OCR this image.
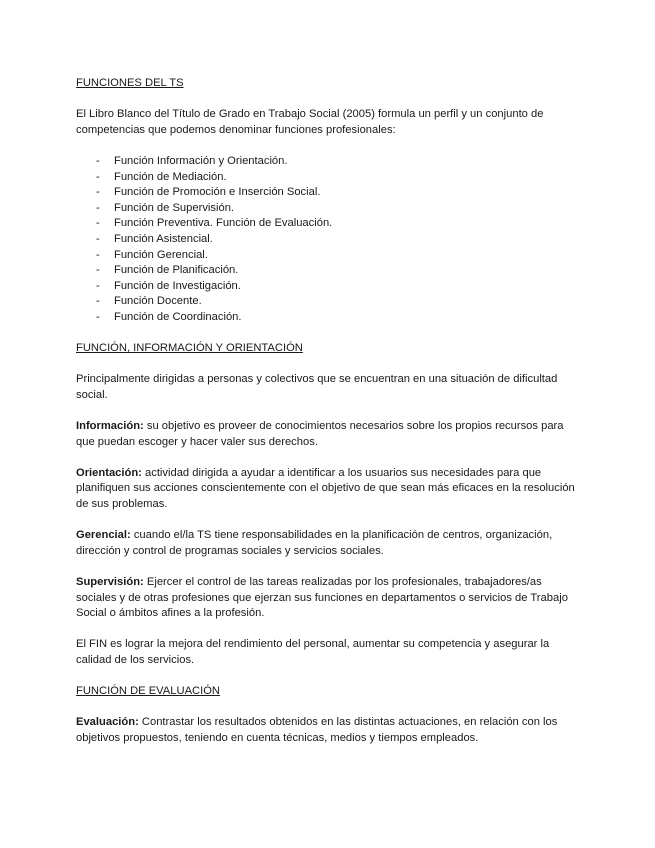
FUNCIONES DEL TS

El Libro Blanco del Título de Grado en Trabajo Social (2005) formula un perfil y un conjunto de competencias que podemos denominar funciones profesionales:

- Función Información y Orientación.
- Función de Mediación.
- Función de Promoción e Inserción Social.
- Función de Supervisión.
- Función Preventiva. Función de Evaluación.
- Función Asistencial.
- Función Gerencial.
- Función de Planificación.
- Función de Investigación.
- Función Docente.
- Función de Coordinación.
FUNCIÓN, INFORMACIÓN Y ORIENTACIÓN

Principalmente dirigidas a personas y colectivos que se encuentran en una situación de dificultad social.

Información: su objetivo es proveer de conocimientos necesarios sobre los propios recursos para que puedan escoger y hacer valer sus derechos.

Orientación: actividad dirigida a ayudar a identificar a los usuarios sus necesidades para que planifiquen sus acciones conscientemente con el objetivo de que sean más eficaces en la resolución de sus problemas.

Gerencial: cuando el/la TS tiene responsabilidades en la planificación de centros, organización, dirección y control de programas sociales y servicios sociales.

Supervisión: Ejercer el control de las tareas realizadas por los profesionales, trabajadores/as sociales y de otras profesiones que ejerzan sus funciones en departamentos o servicios de Trabajo Social o ámbitos afines a la profesión.

El FIN es lograr la mejora del rendimiento del personal, aumentar su competencia y asegurar la calidad de los servicios.

FUNCIÓN DE EVALUACIÓN

Evaluación: Contrastar los resultados obtenidos en las distintas actuaciones, en relación con los objetivos propuestos, teniendo en cuenta técnicas, medios y tiempos empleados.
